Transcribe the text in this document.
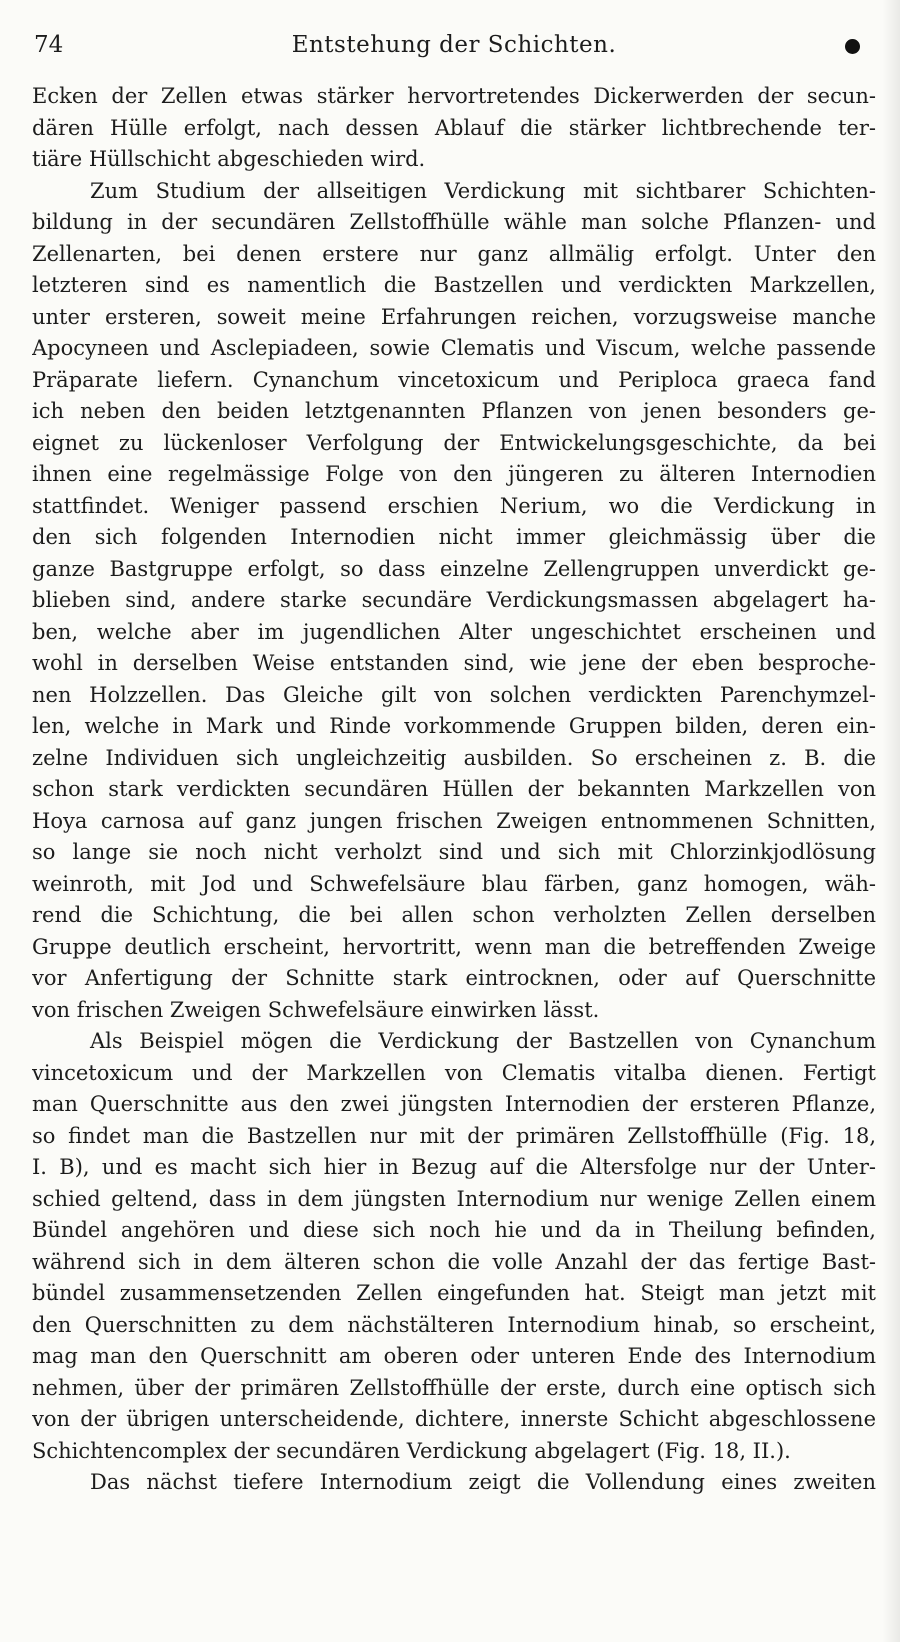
74	Entstehung der Schichten.
Ecken der Zellen etwas stärker hervortretendes Dickerwerden der secun-
dären Hülle erfolgt, nach dessen Ablauf die stärker lichtbrechende ter-
tiäre Hüllschicht abgeschieden wird.
Zum Studium der allseitigen Verdickung mit sichtbarer Schichten-
bildung in der secundären Zellstoffhülle wähle man solche Pflanzen- und
Zellenarten, bei denen erstere nur ganz allmälig erfolgt. Unter den
letzteren sind es namentlich die Bastzellen und verdickten Markzellen,
unter ersteren, soweit meine Erfahrungen reichen, vorzugsweise manche
Apocyneen und Asclepiadeen, sowie Clematis und Viscum, welche passende
Präparate liefern. Cynanchum vincetoxicum und Periploca graeca fand
ich neben den beiden letztgenannten Pflanzen von jenen besonders ge-
eignet zu lückenloser Verfolgung der Entwickelungsgeschichte, da bei
ihnen eine regelmässige Folge von den jüngeren zu älteren Internodien
stattfindet. Weniger passend erschien Nerium, wo die Verdickung in
den sich folgenden Internodien nicht immer gleichmässig über die
ganze Bastgruppe erfolgt, so dass einzelne Zellengruppen unverdickt ge-
blieben sind, andere starke secundäre Verdickungsmassen abgelagert ha-
ben, welche aber im jugendlichen Alter ungeschichtet erscheinen und
wohl in derselben Weise entstanden sind, wie jene der eben besproche-
nen Holzzellen. Das Gleiche gilt von solchen verdickten Parenchymzel-
len, welche in Mark und Rinde vorkommende Gruppen bilden, deren ein-
zelne Individuen sich ungleichzeitig ausbilden. So erscheinen z. B. die
schon stark verdickten secundären Hüllen der bekannten Markzellen von
Hoya carnosa auf ganz jungen frischen Zweigen entnommenen Schnitten,
so lange sie noch nicht verholzt sind und sich mit Chlorzinkjodlösung
weinroth, mit Jod und Schwefelsäure blau färben, ganz homogen, wäh-
rend die Schichtung, die bei allen schon verholzten Zellen derselben
Gruppe deutlich erscheint, hervortritt, wenn man die betreffenden Zweige
vor Anfertigung der Schnitte stark eintrocknen, oder auf Querschnitte
von frischen Zweigen Schwefelsäure einwirken lässt.
Als Beispiel mögen die Verdickung der Bastzellen von Cynanchum
vincetoxicum und der Markzellen von Clematis vitalba dienen. Fertigt
man Querschnitte aus den zwei jüngsten Internodien der ersteren Pflanze,
so findet man die Bastzellen nur mit der primären Zellstoffhülle (Fig. 18,
I. B), und es macht sich hier in Bezug auf die Altersfolge nur der Unter-
schied geltend, dass in dem jüngsten Internodium nur wenige Zellen einem
Bündel angehören und diese sich noch hie und da in Theilung befinden,
während sich in dem älteren schon die volle Anzahl der das fertige Bast-
bündel zusammensetzenden Zellen eingefunden hat. Steigt man jetzt mit
den Querschnitten zu dem nächstälteren Internodium hinab, so erscheint,
mag man den Querschnitt am oberen oder unteren Ende des Internodium
nehmen, über der primären Zellstoffhülle der erste, durch eine optisch sich
von der übrigen unterscheidende, dichtere, innerste Schicht abgeschlossene
Schichtencomplex der secundären Verdickung abgelagert (Fig. 18, II.).
Das nächst tiefere Internodium zeigt die Vollendung eines zweiten
